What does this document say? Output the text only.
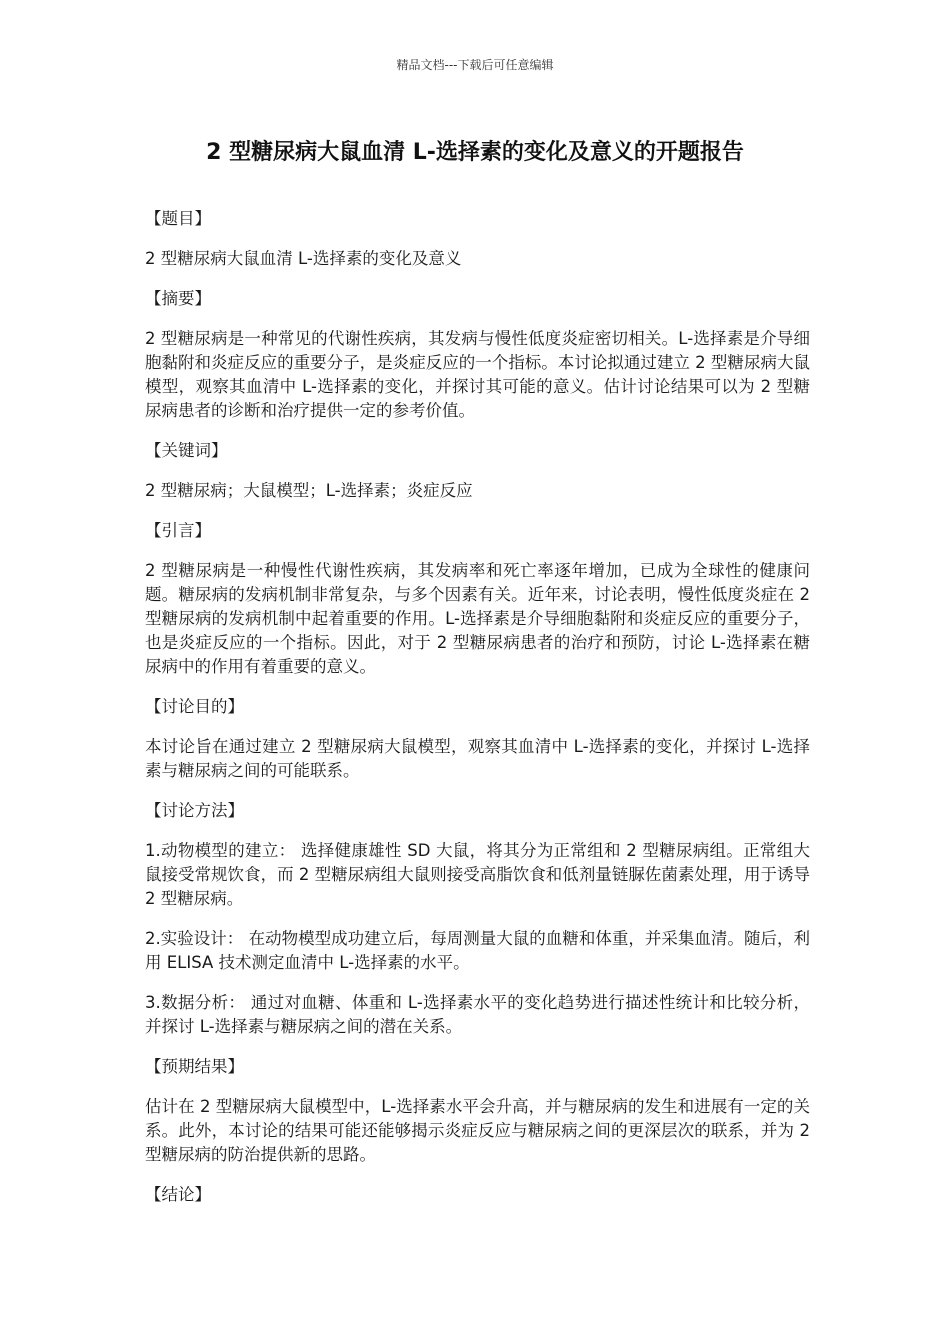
精品文档---下载后可任意编辑
2 型糖尿病大鼠血清 L-选择素的变化及意义的开题报告
【题目】
2 型糖尿病大鼠血清 L-选择素的变化及意义
【摘要】
2 型糖尿病是一种常见的代谢性疾病，其发病与慢性低度炎症密切相关。L-选择素是介导细胞黏附和炎症反应的重要分子，是炎症反应的一个指标。本讨论拟通过建立 2 型糖尿病大鼠模型，观察其血清中 L-选择素的变化，并探讨其可能的意义。估计讨论结果可以为 2 型糖尿病患者的诊断和治疗提供一定的参考价值。
【关键词】
2 型糖尿病；大鼠模型；L-选择素；炎症反应
【引言】
2 型糖尿病是一种慢性代谢性疾病，其发病率和死亡率逐年增加，已成为全球性的健康问题。糖尿病的发病机制非常复杂，与多个因素有关。近年来，讨论表明，慢性低度炎症在 2 型糖尿病的发病机制中起着重要的作用。L-选择素是介导细胞黏附和炎症反应的重要分子，也是炎症反应的一个指标。因此，对于 2 型糖尿病患者的治疗和预防，讨论 L-选择素在糖尿病中的作用有着重要的意义。
【讨论目的】
本讨论旨在通过建立 2 型糖尿病大鼠模型，观察其血清中 L-选择素的变化，并探讨 L-选择素与糖尿病之间的可能联系。
【讨论方法】
1.动物模型的建立： 选择健康雄性 SD 大鼠，将其分为正常组和 2 型糖尿病组。正常组大鼠接受常规饮食，而 2 型糖尿病组大鼠则接受高脂饮食和低剂量链脲佐菌素处理，用于诱导 2 型糖尿病。
2.实验设计： 在动物模型成功建立后，每周测量大鼠的血糖和体重，并采集血清。随后，利用 ELISA 技术测定血清中 L-选择素的水平。
3.数据分析： 通过对血糖、体重和 L-选择素水平的变化趋势进行描述性统计和比较分析，并探讨 L-选择素与糖尿病之间的潜在关系。
【预期结果】
估计在 2 型糖尿病大鼠模型中，L-选择素水平会升高，并与糖尿病的发生和进展有一定的关系。此外，本讨论的结果可能还能够揭示炎症反应与糖尿病之间的更深层次的联系，并为 2 型糖尿病的防治提供新的思路。
【结论】
